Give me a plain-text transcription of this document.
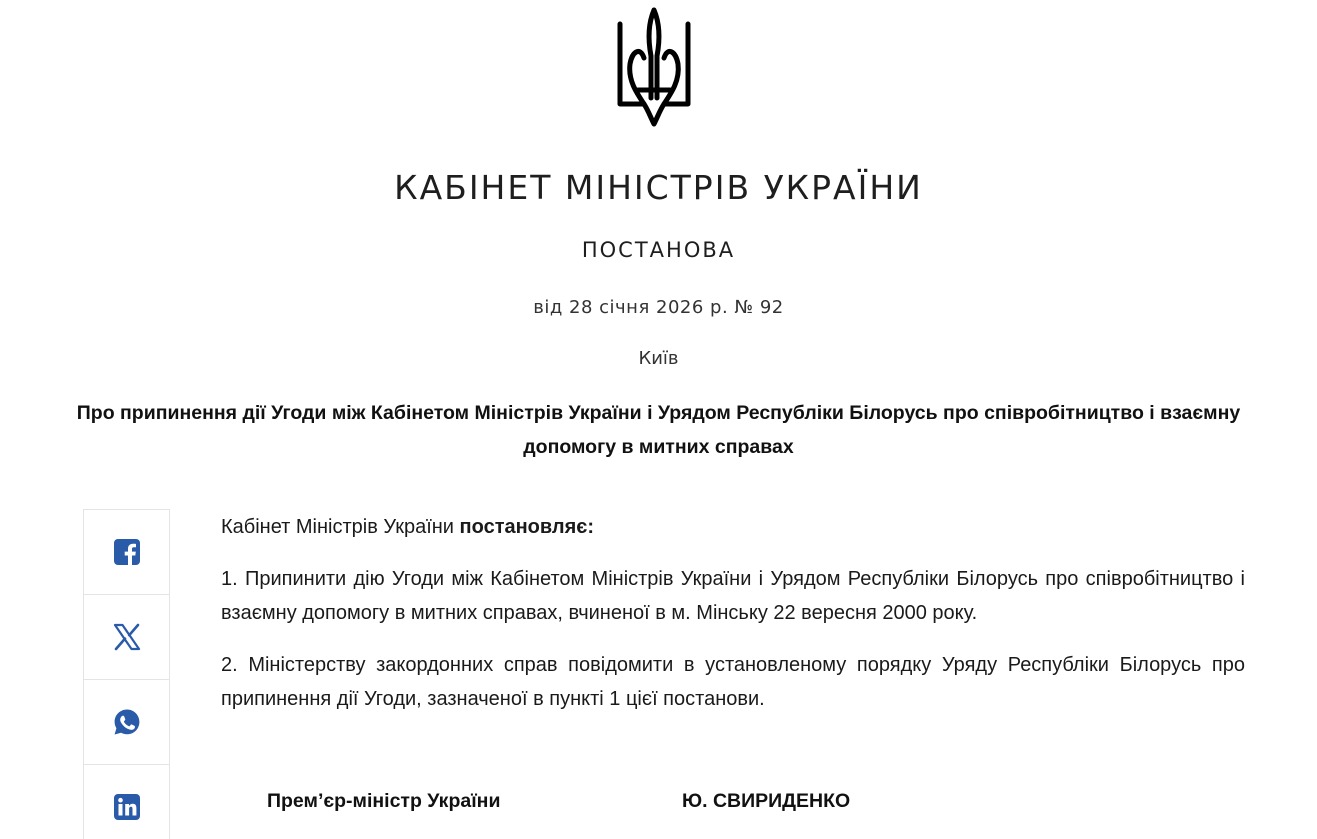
КАБІНЕТ МІНІСТРІВ УКРАЇНИ
ПОСТАНОВА
від 28 січня 2026 р. № 92
Київ
Про припинення дії Угоди між Кабінетом Міністрів України і Урядом Республіки Білорусь про співробітництво і взаємну допомогу в митних справах

Кабінет Міністрів України постановляє:

1. Припинити дію Угоди між Кабінетом Міністрів України і Урядом Республіки Білорусь про співробітництво і взаємну допомогу в митних справах, вчиненої в м. Мінську 22 вересня 2000 року.

2. Міністерству закордонних справ повідомити в установленому порядку Уряду Республіки Білорусь про припинення дії Угоди, зазначеної в пункті 1 цієї постанови.

Прем’єр-міністр України	Ю. СВИРИДЕНКО
